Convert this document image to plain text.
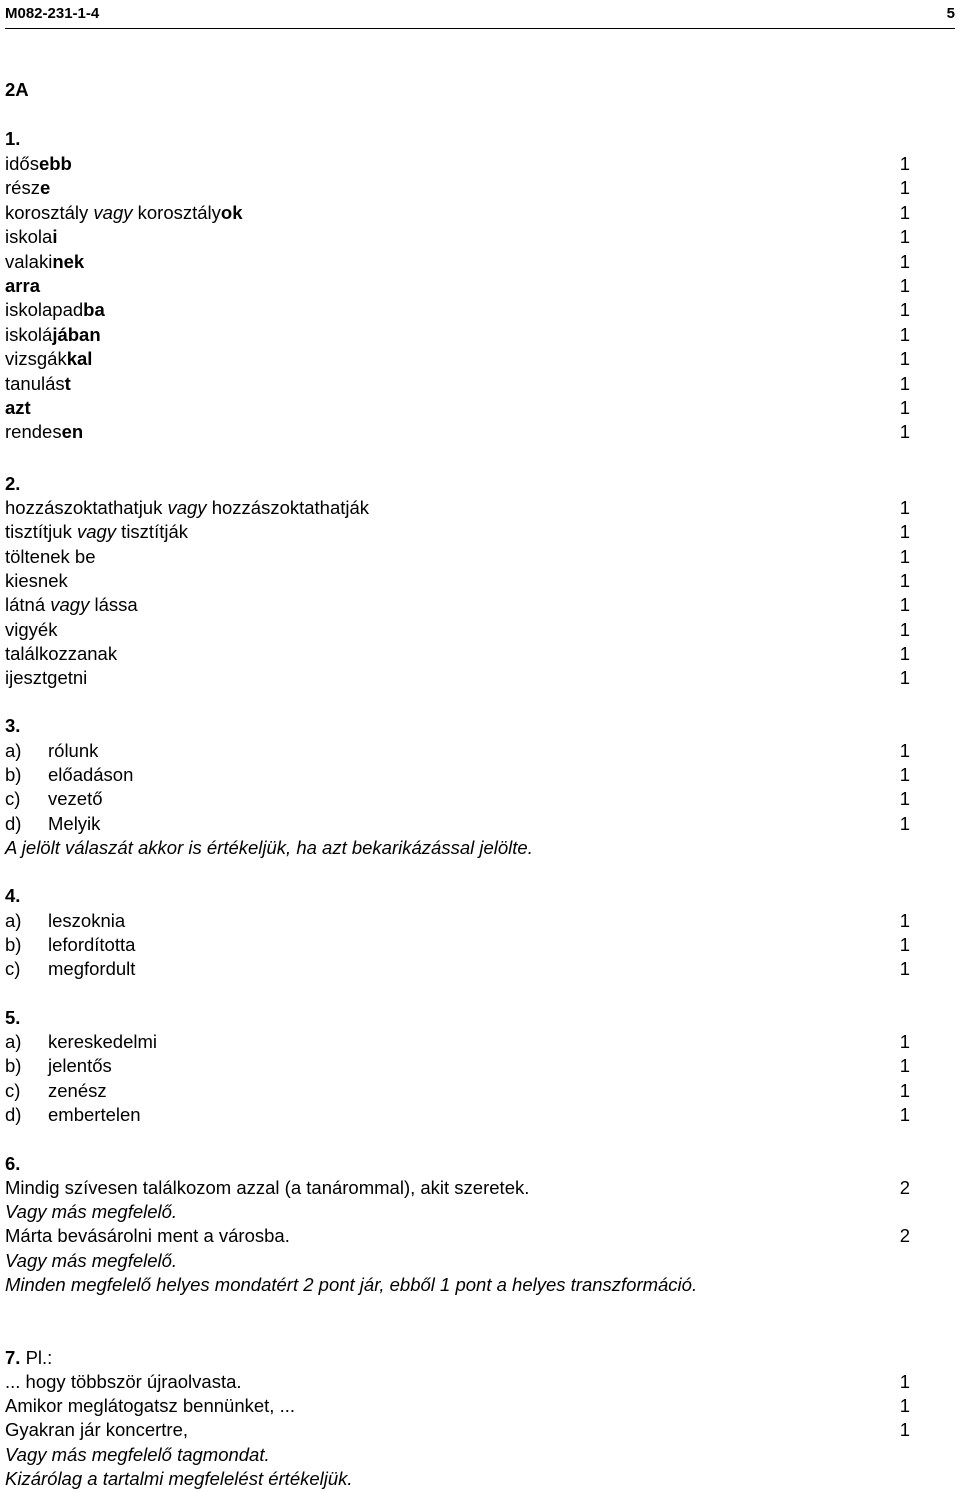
M082-231-1-4	5
2A
1.
idősebb	1
része	1
korosztály vagy korosztályok	1
iskolai	1
valakinek	1
arra	1
iskolapadba	1
iskolájában	1
vizsgákkal	1
tanulást	1
azt	1
rendesen	1
2.
hozzászoktathatjuk vagy hozzászoktathatják	1
tisztítjuk vagy tisztítják	1
töltenek be	1
kiesnek	1
látná vagy lássa	1
vigyék	1
találkozzanak	1
ijesztgetni	1
3.
a) rólunk	1
b) előadáson	1
c) vezető	1
d) Melyik	1
A jelölt válaszát akkor is értékeljük, ha azt bekarikázással jelölte.
4.
a) leszoknia	1
b) lefordította	1
c) megfordult	1
5.
a) kereskedelmi	1
b) jelentős	1
c) zenész	1
d) embertelen	1
6.
Mindig szívesen találkozom azzal (a tanárommal), akit szeretek.	2
Vagy más megfelelő.
Márta bevásárolni ment a városba.	2
Vagy más megfelelő.
Minden megfelelő helyes mondatért 2 pont jár, ebből 1 pont a helyes transzformáció.
7. Pl.:
... hogy többször újraolvasta.	1
Amikor meglátogatsz bennünket, ...	1
Gyakran jár koncertre,	1
Vagy más megfelelő tagmondat.
Kizárólag a tartalmi megfelelést értékeljük.
